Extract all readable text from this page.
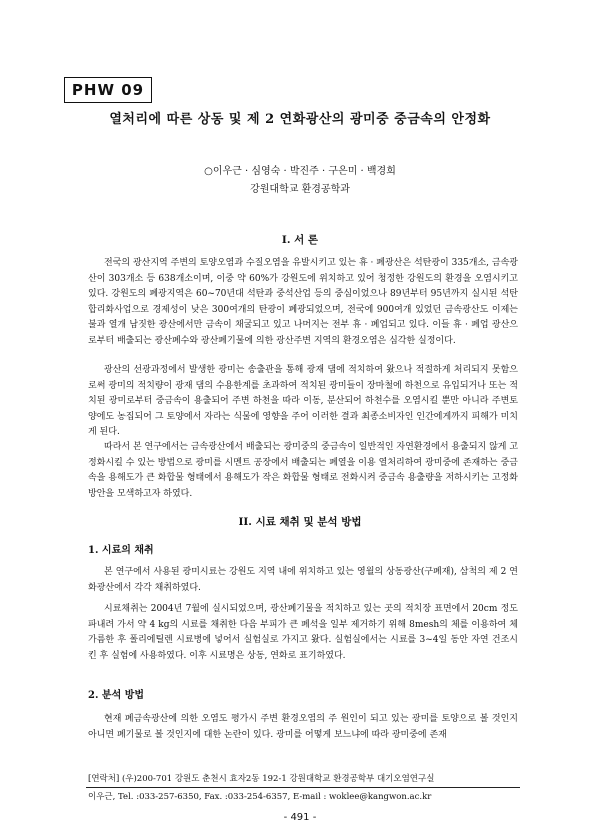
PHW 09
열처리에 따른 상동 및 제 2 연화광산의 광미중 중금속의 안정화
○이우근 · 심영숙 · 박진주 · 구은미 · 백경희
강원대학교 환경공학과
I. 서 론

전국의 광산지역 주변의 토양오염과 수질오염을 유발시키고 있는 휴 · 폐광산은 석탄광이 335개소, 금속광산이 303개소 등 638개소이며, 이중 약 60%가 강원도에 위치하고 있어 청정한 강원도의 환경을 오염시키고 있다. 강원도의 폐광지역은 60~70년대 석탄과 중석산업 등의 중심이었으나 89년부터 95년까지 실시된 석탄합리화사업으로 경제성이 낮은 300여개의 탄광이 폐광되었으며, 전국에 900여개 있었던 금속광산도 이제는 불과 열개 남짓한 광산에서만 금속이 채굴되고 있고 나머지는 전부 휴 · 폐업되고 있다. 이들 휴 · 폐업 광산으로부터 배출되는 광산폐수와 광산폐기물에 의한 광산주변 지역의 환경오염은 심각한 실정이다.

광산의 선광과정에서 발생한 광미는 송출관을 통해 광재 댐에 적치하여 왔으나 적절하게 처리되지 못함으로써 광미의 적치량이 광재 댐의 수용한계를 초과하여 적치된 광미들이 장마철에 하천으로 유입되거나 또는 적치된 광미로부터 중금속이 용출되어 주변 하천을 따라 이동, 분산되어 하천수를 오염시킬 뿐만 아니라 주변토양에도 농집되어 그 토양에서 자라는 식물에 영향을 주어 이러한 결과 최종소비자인 인간에게까지 피해가 미치게 된다.

따라서 본 연구에서는 금속광산에서 배출되는 광미중의 중금속이 일반적인 자연환경에서 용출되지 않게 고정화시킬 수 있는 방법으로 광미를 시멘트 공장에서 배출되는 폐열을 이용 열처리하여 광미중에 존재하는 중금속을 용해도가 큰 화합물 형태에서 용해도가 작은 화합물 형태로 전화시켜 중금속 용출량을 저하시키는 고정화 방안을 모색하고자 하였다.

II. 시료 채취 및 분석 방법
1. 시료의 채취

본 연구에서 사용된 광미시료는 강원도 지역 내에 위치하고 있는 영월의 상동광산(구폐재), 삼척의 제 2 연화광산에서 각각 채취하였다.

시료채취는 2004년 7월에 실시되었으며, 광산폐기물을 적치하고 있는 곳의 적치장 표면에서 20cm 정도 파내려 가서 약 4 kg의 시료를 채취한 다음 부피가 큰 폐석을 일부 제거하기 위해 8mesh의 체를 이용하여 체가름한 후 폴리에틸렌 시료병에 넣어서 실험실로 가지고 왔다. 실험실에서는 시료를 3~4일 동안 자연 건조시킨 후 실험에 사용하였다. 이후 시료명은 상동, 연화로 표기하였다.

2. 분석 방법

현재 폐금속광산에 의한 오염도 평가시 주변 환경오염의 주 원인이 되고 있는 광미를 토양으로 볼 것인지 아니면 폐기물로 볼 것인지에 대한 논란이 있다. 광미를 어떻게 보느냐에 따라 광미중에 존재

[연락처] (우)200-701 강원도 춘천시 효자2동 192-1 강원대학교 환경공학부 대기오염연구실
이우근, Tel. :033-257-6350, Fax. :033-254-6357, E-mail : woklee@kangwon.ac.kr
- 491 -
